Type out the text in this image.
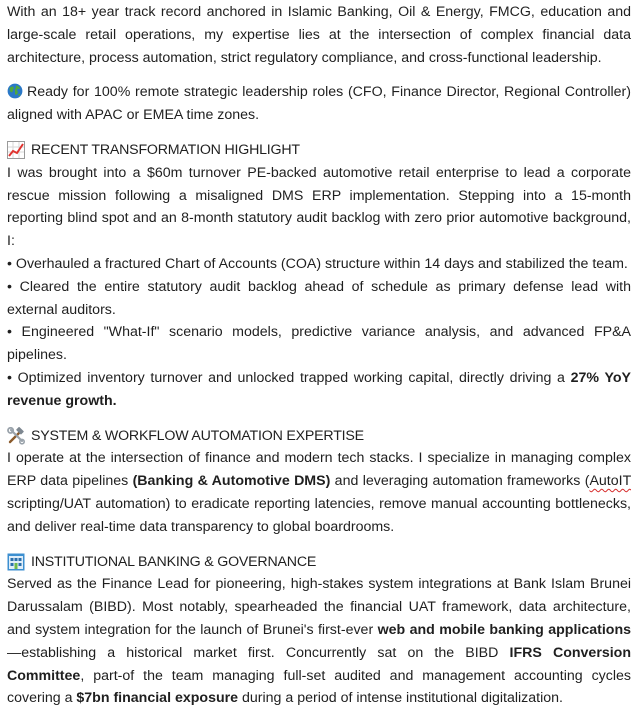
With an 18+ year track record anchored in Islamic Banking, Oil & Energy, FMCG, education and large-scale retail operations, my expertise lies at the intersection of complex financial data architecture, process automation, strict regulatory compliance, and cross-functional leadership.

Ready for 100% remote strategic leadership roles (CFO, Finance Director, Regional Controller) aligned with APAC or EMEA time zones.

RECENT TRANSFORMATION HIGHLIGHT

I was brought into a $60m turnover PE-backed automotive retail enterprise to lead a corporate rescue mission following a misaligned DMS ERP implementation. Stepping into a 15-month reporting blind spot and an 8-month statutory audit backlog with zero prior automotive background, I:

• Overhauled a fractured Chart of Accounts (COA) structure within 14 days and stabilized the team.

• Cleared the entire statutory audit backlog ahead of schedule as primary defense lead with external auditors.

• Engineered "What-If" scenario models, predictive variance analysis, and advanced FP&A pipelines.

• Optimized inventory turnover and unlocked trapped working capital, directly driving a 27% YoY revenue growth.

SYSTEM & WORKFLOW AUTOMATION EXPERTISE

I operate at the intersection of finance and modern tech stacks. I specialize in managing complex ERP data pipelines (Banking & Automotive DMS) and leveraging automation frameworks (AutoIT scripting/UAT automation) to eradicate reporting latencies, remove manual accounting bottlenecks, and deliver real-time data transparency to global boardrooms.

INSTITUTIONAL BANKING & GOVERNANCE

Served as the Finance Lead for pioneering, high-stakes system integrations at Bank Islam Brunei Darussalam (BIBD). Most notably, spearheaded the financial UAT framework, data architecture, and system integration for the launch of Brunei's first-ever web and mobile banking applications—establishing a historical market first. Concurrently sat on the BIBD IFRS Conversion Committee, part-of the team managing full-set audited and management accounting cycles covering a $7bn financial exposure during a period of intense institutional digitalization.
